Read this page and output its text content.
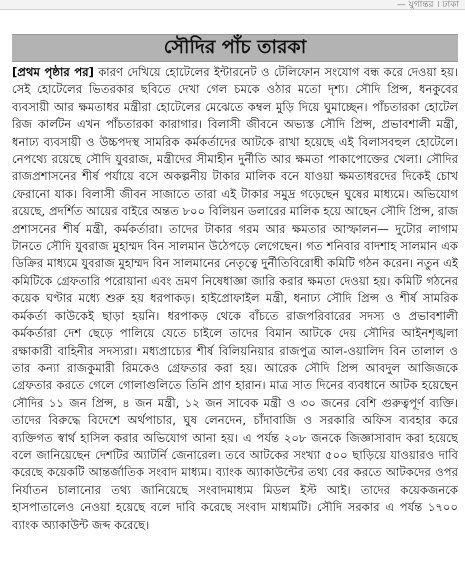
— যুগান্তর । ঢাকা
সৌদির পাঁচ তারকা

[প্রথম পৃষ্ঠার পর] কারণ দেখিয়ে হোটেলের ইন্টারনেট ও টেলিফোন সংযোগ বন্ধ করে দেওয়া হয়। সেই হোটেলের ভিতরকার ছবিতে দেখা গেল চমকে ওঠার মতো দৃশ্য। সৌদি প্রিন্স, ধনকুবের ব্যবসায়ী আর ক্ষমতাধর মন্ত্রীরা হোটেলের মেঝেতে কম্বল মুড়ি দিয়ে ঘুমাচ্ছেন। পাঁচতারকা হোটেল রিজ কার্লটন এখন পাঁচতারকা কারাগার। বিলাসী জীবনে অভ্যস্ত সৌদি প্রিন্স, প্রভাবশালী মন্ত্রী, ধনাঢ্য ব্যবসায়ী ও উচ্চপদস্থ সামরিক কর্মকর্তাদের আটকে রাখা হয়েছে এই বিলাসবহুল হোটেলে। নেপথ্যে রয়েছে সৌদি যুবরাজ, মন্ত্রীদের সীমাহীন দুর্নীতি আর ক্ষমতা পাকাপোক্তের খেলা। সৌদির রাজপ্রশাসনের শীর্ষ পর্যায়ে বসে অকল্পনীয় টাকার মালিক বনে যাওয়া ক্ষমতাধরদের দিকেই চোখ ফেরানো যাক। বিলাসী জীবন সাজাতে তারা এই টাকার সমুদ্র গড়েছেন ঘুষের মাধ্যমে। অভিযোগ রয়েছে, প্রদর্শিত আয়ের বাইরে অন্তত ৮০০ বিলিয়ন ডলারের মালিক হয়ে আছেন সৌদি প্রিন্স, রাজ প্রশাসনের শীর্ষ মন্ত্রী, কর্মকর্তারা। তাদের টাকার গরম আর ক্ষমতার আস্ফালন— দুটোর লাগাম টানতে সৌদি যুবরাজ মুহাম্মদ বিন সালমান উঠেপড়ে লেগেছেন। গত শনিবার বাদশাহ সালমান এক ডিক্রির মাধ্যমে যুবরাজ মুহাম্মদ বিন সালমানের নেতৃত্বে দুর্নীতিবিরোধী কমিটি গঠন করেন। নতুন এই কমিটিকে গ্রেফতারি পরোয়ানা এবং ভ্রমণ নিষেধাজ্ঞা জারি করার ক্ষমতা দেওয়া হয়। কমিটি গঠনের কয়েক ঘণ্টার মধ্যে শুরু হয় ধরপাকড়। হাইপ্রোফাইল মন্ত্রী, ধনাঢ্য সৌদি প্রিন্স ও শীর্ষ সামরিক কর্মকর্তা কাউকেই ছাড়া হয়নি। ধরপাকড় থেকে বাঁচতে রাজপরিবারের সদস্য ও প্রভাবশালী কর্মকর্তারা দেশ ছেড়ে পালিয়ে যেতে চাইলে তাদের বিমান আটকে দেয় সৌদির আইনশৃঙ্খলা রক্ষাকারী বাহিনীর সদস্যরা। মধ্যপ্রাচ্যের শীর্ষ বিলিয়নিয়ার রাজপুত্র আল-ওয়ালিদ বিন তালাল ও তার কন্যা রাজকুমারী রিমকেও গ্রেফতার করা হয়। আরেক সৌদি প্রিন্স আবদুল আজিজকে গ্রেফতার করতে গেলে গোলাগুলিতে তিনি প্রাণ হারান। মাত্র সাত দিনের ব্যবধানে আটক হয়েছেন সৌদির ১১ জন প্রিন্স, ৪ জন মন্ত্রী, ১২ জন সাবেক মন্ত্রী ও ৩০ জনের বেশি গুরুত্বপূর্ণ ব্যক্তি। তাদের বিরুদ্ধে বিদেশে অর্থপাচার, ঘুষ লেনদেন, চাঁদাবাজি ও সরকারি অফিস ব্যবহার করে ব্যক্তিগত স্বার্থ হাসিল করার অভিযোগ আনা হয়। এ পর্যন্ত ২০৮ জনকে জিজ্ঞাসাবাদ করা হয়েছে বলে জানিয়েছেন দেশটির অ্যাটর্নি জেনারেল। তবে আটকের সংখ্যা ৫০০ ছাড়িয়ে যাওয়ারও দাবি করেছে কয়েকটি আন্তর্জাতিক সংবাদ মাধ্যম। ব্যাংক অ্যাকাউন্টের তথ্য বের করতে আটকদের ওপর নির্যাতন চালানোর তথ্য জানিয়েছে সংবাদমাধ্যম মিডল ইস্ট আই। তাদের কয়েকজনকে হাসপাতালেও নেওয়া হয়েছে বলে দাবি করেছে সংবাদ মাধ্যমটি। সৌদি সরকার এ পর্যন্ত ১৭০০ ব্যাংক অ্যাকাউন্ট জব্দ করেছে।
